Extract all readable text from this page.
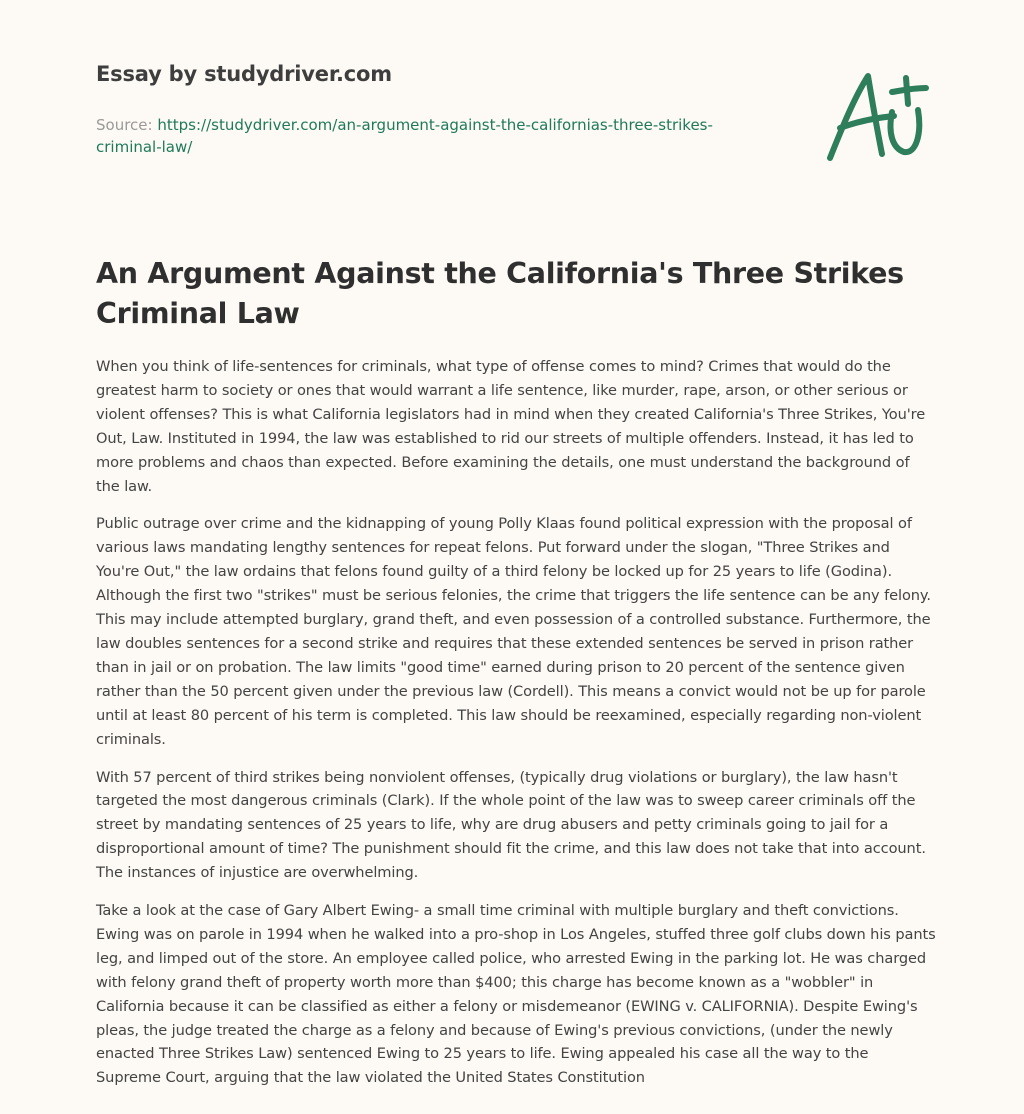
Essay by studydriver.com
Source: https://studydriver.com/an-argument-against-the-californias-three-strikes-criminal-law/
An Argument Against the California's Three Strikes Criminal Law

When you think of life-sentences for criminals, what type of offense comes to mind? Crimes that would do the greatest harm to society or ones that would warrant a life sentence, like murder, rape, arson, or other serious or violent offenses? This is what California legislators had in mind when they created California's Three Strikes, You're Out, Law. Instituted in 1994, the law was established to rid our streets of multiple offenders. Instead, it has led to more problems and chaos than expected. Before examining the details, one must understand the background of the law.

Public outrage over crime and the kidnapping of young Polly Klaas found political expression with the proposal of various laws mandating lengthy sentences for repeat felons. Put forward under the slogan, "Three Strikes and You're Out," the law ordains that felons found guilty of a third felony be locked up for 25 years to life (Godina). Although the first two "strikes" must be serious felonies, the crime that triggers the life sentence can be any felony. This may include attempted burglary, grand theft, and even possession of a controlled substance. Furthermore, the law doubles sentences for a second strike and requires that these extended sentences be served in prison rather than in jail or on probation. The law limits "good time" earned during prison to 20 percent of the sentence given rather than the 50 percent given under the previous law (Cordell). This means a convict would not be up for parole until at least 80 percent of his term is completed. This law should be reexamined, especially regarding non-violent criminals.

With 57 percent of third strikes being nonviolent offenses, (typically drug violations or burglary), the law hasn't targeted the most dangerous criminals (Clark). If the whole point of the law was to sweep career criminals off the street by mandating sentences of 25 years to life, why are drug abusers and petty criminals going to jail for a disproportional amount of time? The punishment should fit the crime, and this law does not take that into account. The instances of injustice are overwhelming.

Take a look at the case of Gary Albert Ewing- a small time criminal with multiple burglary and theft convictions. Ewing was on parole in 1994 when he walked into a pro-shop in Los Angeles, stuffed three golf clubs down his pants leg, and limped out of the store. An employee called police, who arrested Ewing in the parking lot. He was charged with felony grand theft of property worth more than $400; this charge has become known as a "wobbler" in California because it can be classified as either a felony or misdemeanor (EWING v. CALIFORNIA). Despite Ewing's pleas, the judge treated the charge as a felony and because of Ewing's previous convictions, (under the newly enacted Three Strikes Law) sentenced Ewing to 25 years to life. Ewing appealed his case all the way to the Supreme Court, arguing that the law violated the United States Constitution
